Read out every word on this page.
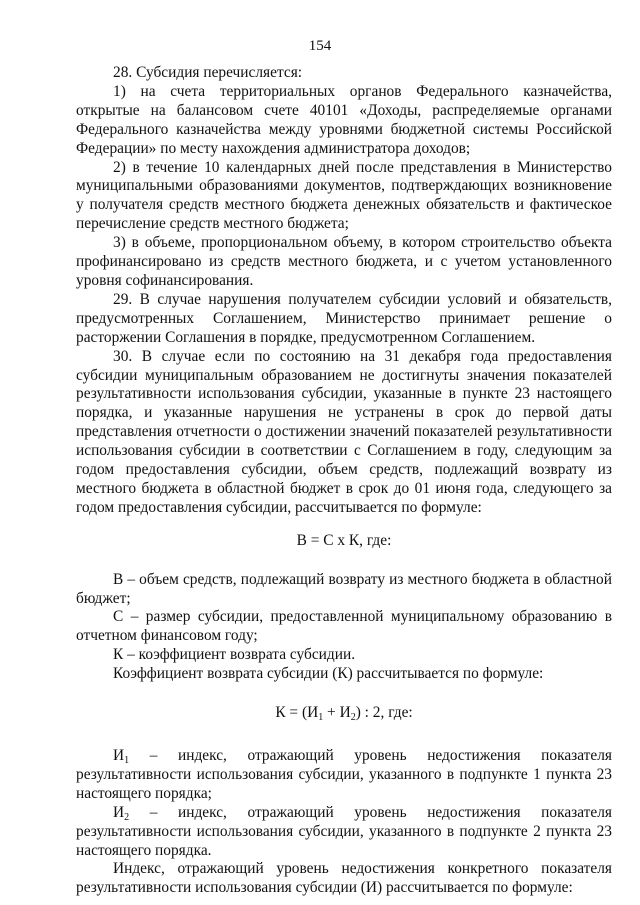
154

28. Субсидия перечисляется:

1) на счета территориальных органов Федерального казначейства, открытые на балансовом счете 40101 «Доходы, распределяемые органами Федерального казначейства между уровнями бюджетной системы Российской Федерации» по месту нахождения администратора доходов;

2) в течение 10 календарных дней после представления в Министерство муниципальными образованиями документов, подтверждающих возникновение у получателя средств местного бюджета денежных обязательств и фактическое перечисление средств местного бюджета;

3) в объеме, пропорциональном объему, в котором строительство объекта профинансировано из средств местного бюджета, и с учетом установленного уровня софинансирования.

29. В случае нарушения получателем субсидии условий и обязательств, предусмотренных Соглашением, Министерство принимает решение о расторжении Соглашения в порядке, предусмотренном Соглашением.

30. В случае если по состоянию на 31 декабря года предоставления субсидии муниципальным образованием не достигнуты значения показателей результативности использования субсидии, указанные в пункте 23 настоящего порядка, и указанные нарушения не устранены в срок до первой даты представления отчетности о достижении значений показателей результативности использования субсидии в соответствии с Соглашением в году, следующим за годом предоставления субсидии, объем средств, подлежащий возврату из местного бюджета в областной бюджет в срок до 01 июня года, следующего за годом предоставления субсидии, рассчитывается по формуле:

В = С х К, где:

В – объем средств, подлежащий возврату из местного бюджета в областной бюджет;

С – размер субсидии, предоставленной муниципальному образованию в отчетном финансовом году;

К – коэффициент возврата субсидии.

Коэффициент возврата субсидии (К) рассчитывается по формуле:

$К = (И_1 + И_2)$ : 2, где:

$И_1$ – индекс, отражающий уровень недостижения показателя результативности использования субсидии, указанного в подпункте 1 пункта 23 настоящего порядка;

$И_2$ – индекс, отражающий уровень недостижения показателя результативности использования субсидии, указанного в подпункте 2 пункта 23 настоящего порядка.

Индекс, отражающий уровень недостижения конкретного показателя результативности использования субсидии (И) рассчитывается по формуле:
